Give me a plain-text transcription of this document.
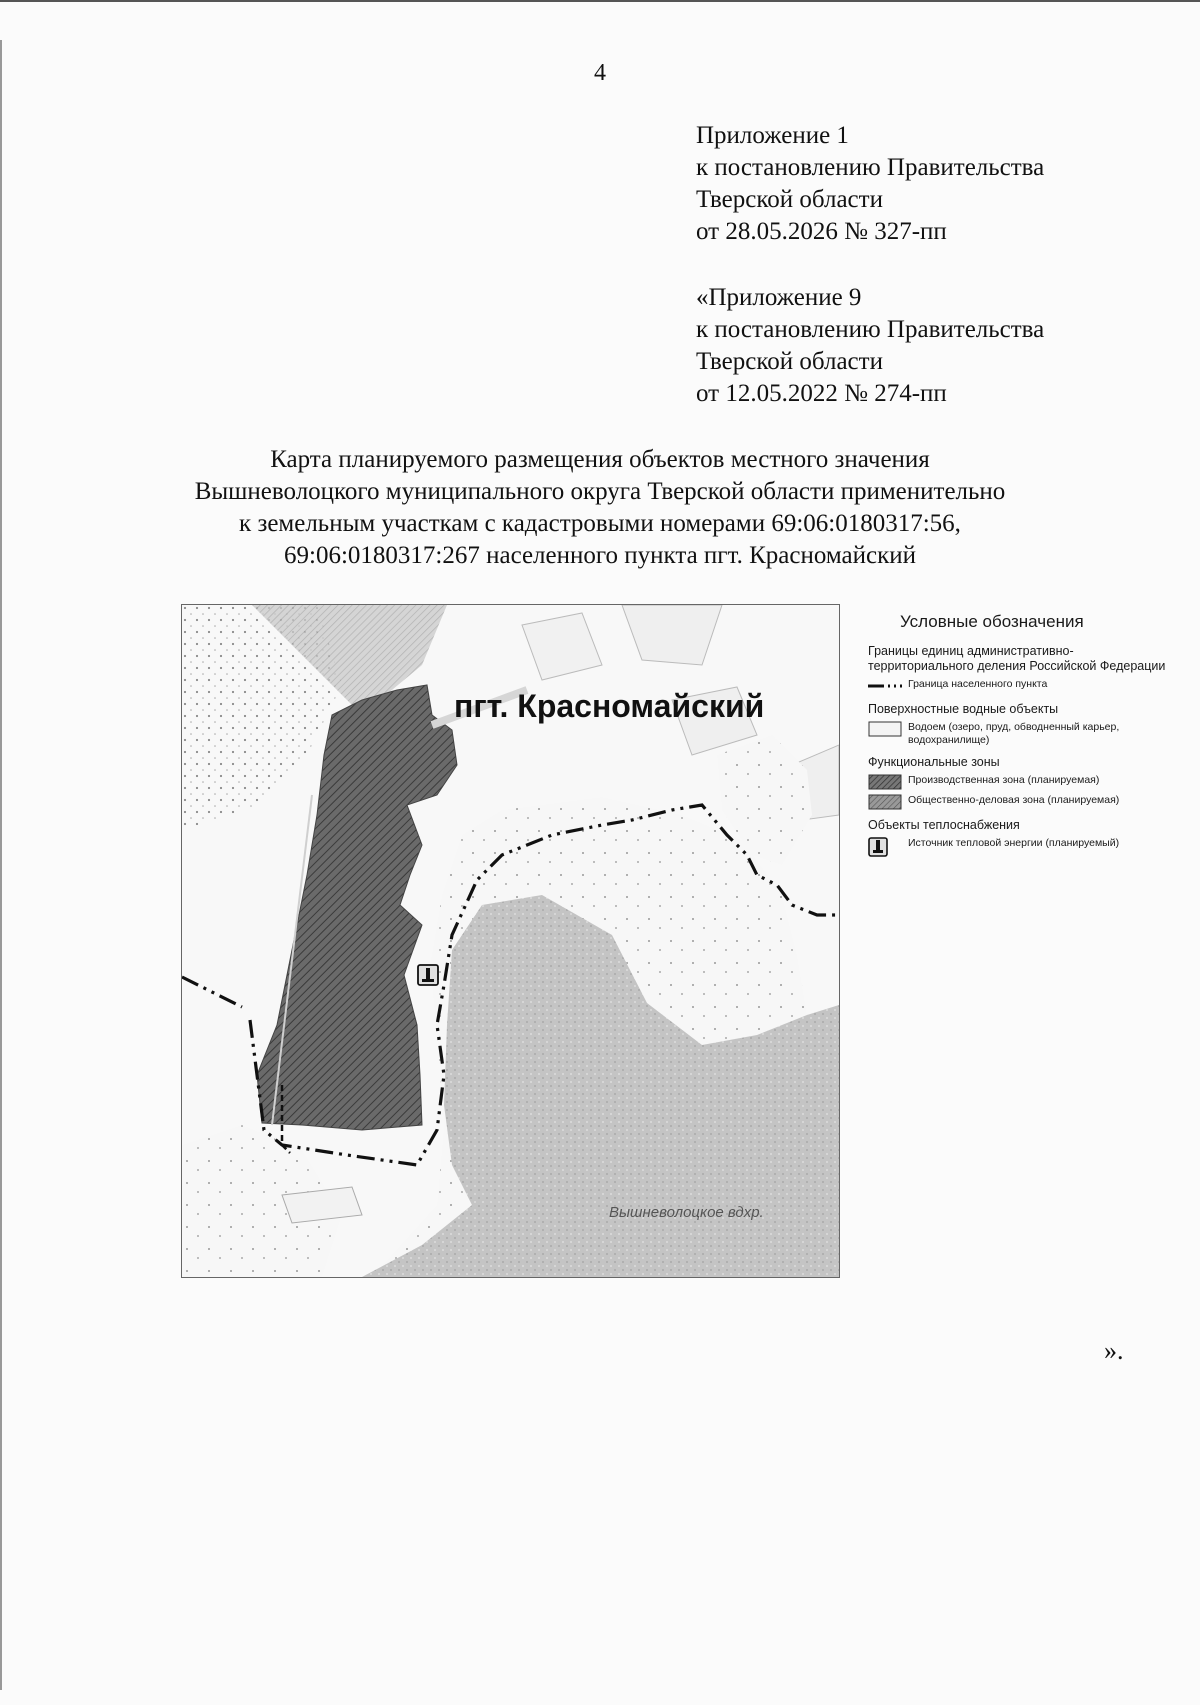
4
Приложение 1
к постановлению Правительства
Тверской области
от 28.05.2026 № 327-пп
«Приложение 9
к постановлению Правительства
Тверской области
от 12.05.2022 № 274-пп
Карта планируемого размещения объектов местного значения
Вышневолоцкого муниципального округа Тверской области применительно
к земельным участкам с кадастровыми номерами 69:06:0180317:56,
69:06:0180317:267 населенного пункта пгт. Красномайский
пгт. Красномайский
Вышневолоцкое вдхр.
Условные обозначения
Границы единиц административно-территориального деления Российской Федерации
Граница населенного пункта
Поверхностные водные объекты
Водоем (озеро, пруд, обводненный карьер, водохранилище)
Функциональные зоны
Производственная зона (планируемая)
Общественно-деловая зона (планируемая)
Объекты теплоснабжения
Источник тепловой энергии (планируемый)
».
